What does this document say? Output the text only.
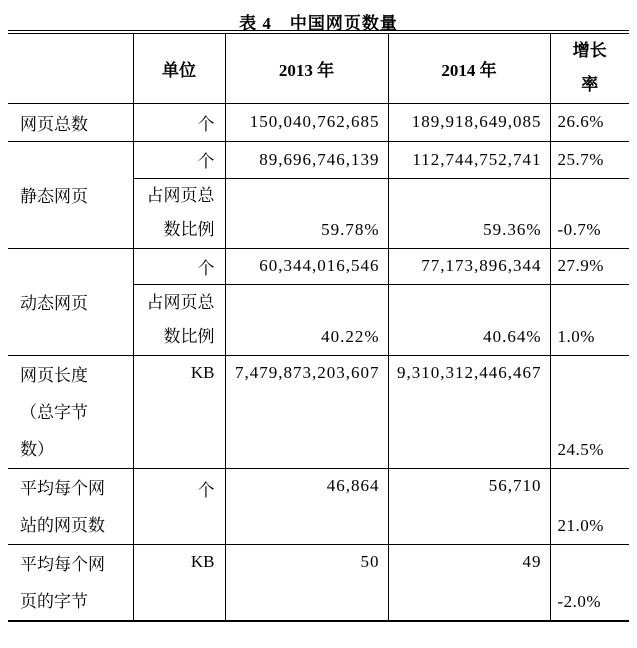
表 4　中国网页数量
	单位	2013 年	2014 年	增长
率

网页总数	个	150,040,762,685	189,918,649,085	26.6%
静态网页	个	89,696,746,139	112,744,752,741	25.7%

	占网页总
数比例	59.78%	59.36%	-0.7%
动态网页	个	60,344,016,546	77,173,896,344	27.9%

	占网页总
数比例	40.22%	40.64%	1.0%

网页长度
（总字节
数）	KB	7,479,873,203,607	9,310,312,446,467	24.5%

平均每个网
站的网页数	个	46,864	56,710	21.0%

平均每个网
页的字节	KB	50	49	-2.0%
